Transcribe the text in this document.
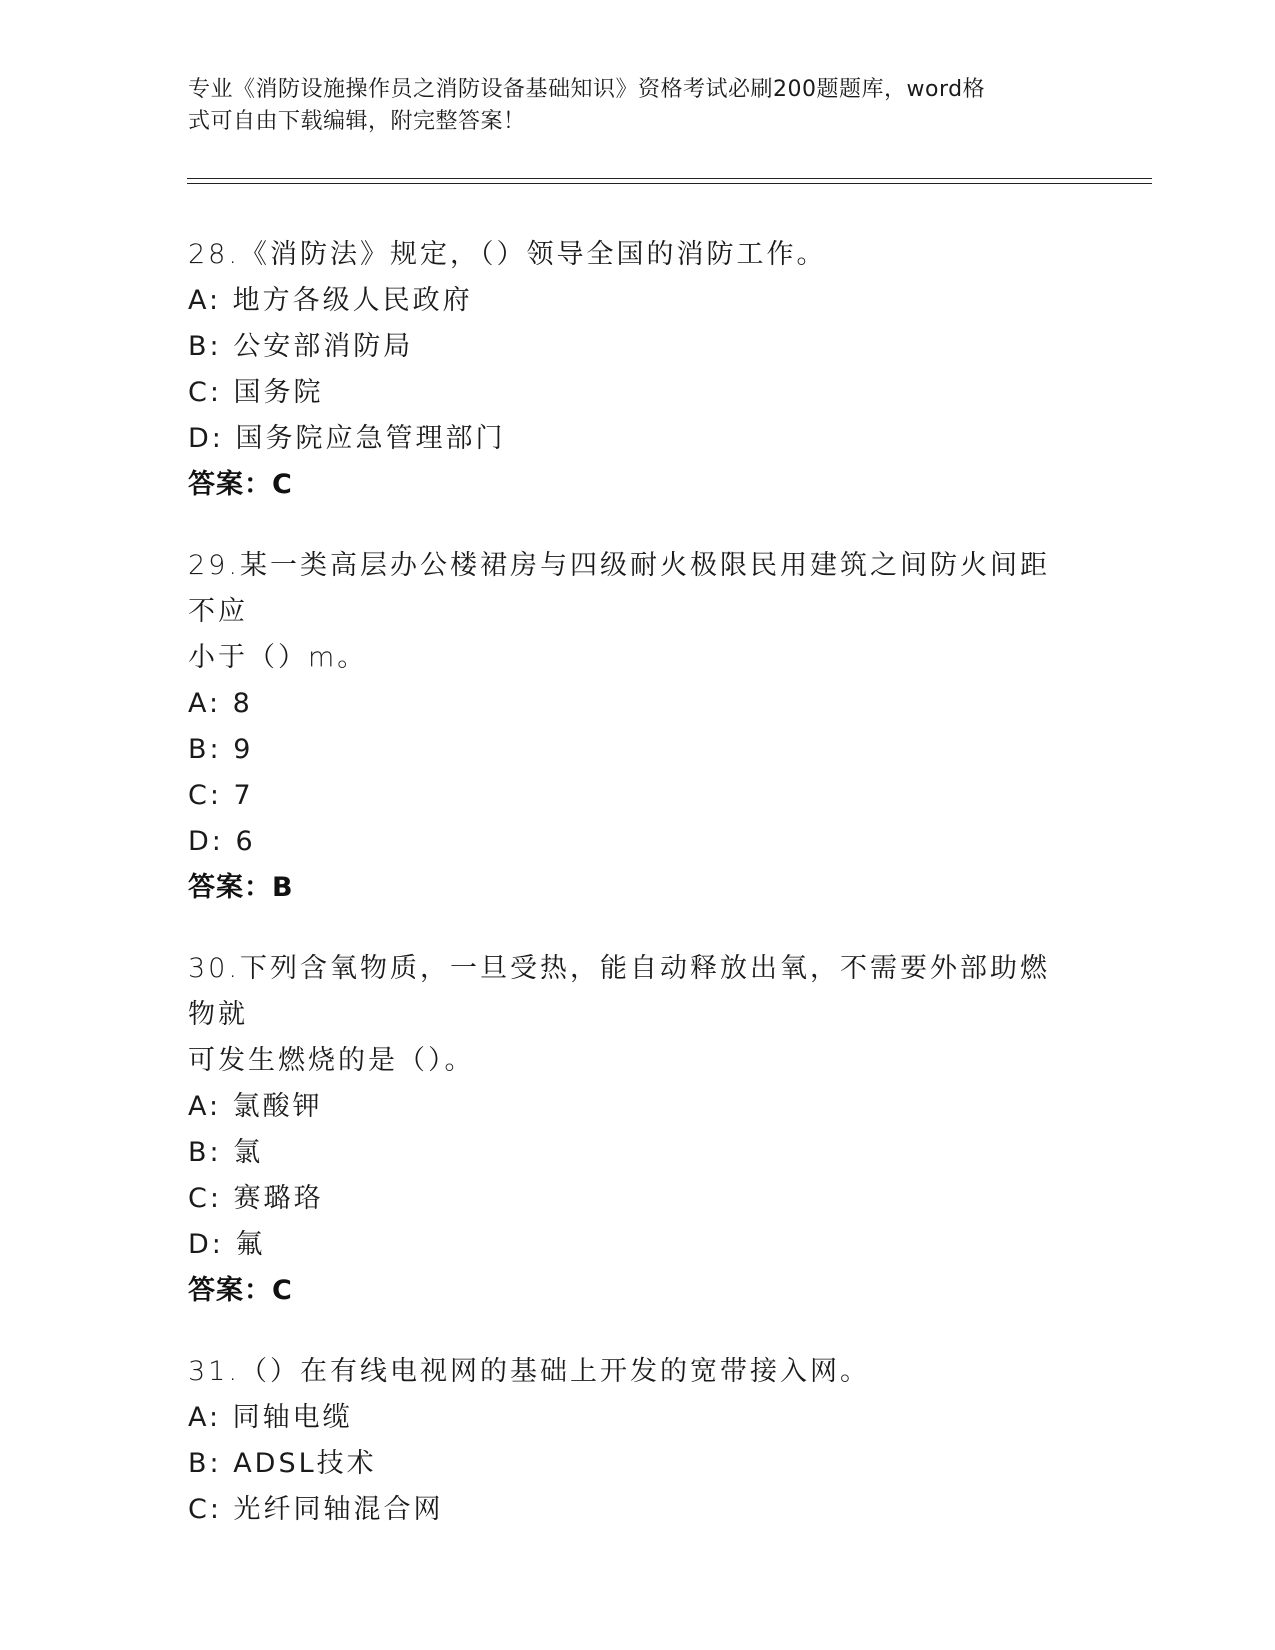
专业《消防设施操作员之消防设备基础知识》资格考试必刷200题题库，word格
式可自由下载编辑，附完整答案！
28.《消防法》规定，（）领导全国的消防工作。
A: 地方各级人民政府
B: 公安部消防局
C: 国务院
D: 国务院应急管理部门
答案：C
29.某一类高层办公楼裙房与四级耐火极限民用建筑之间防火间距不应
小于（）m。
A: 8
B: 9
C: 7
D: 6
答案：B
30.下列含氧物质，一旦受热，能自动释放出氧，不需要外部助燃物就
可发生燃烧的是（）。
A: 氯酸钾
B: 氯
C: 赛璐珞
D: 氟
答案：C
31.（）在有线电视网的基础上开发的宽带接入网。
A: 同轴电缆
B: ADSL技术
C: 光纤同轴混合网
